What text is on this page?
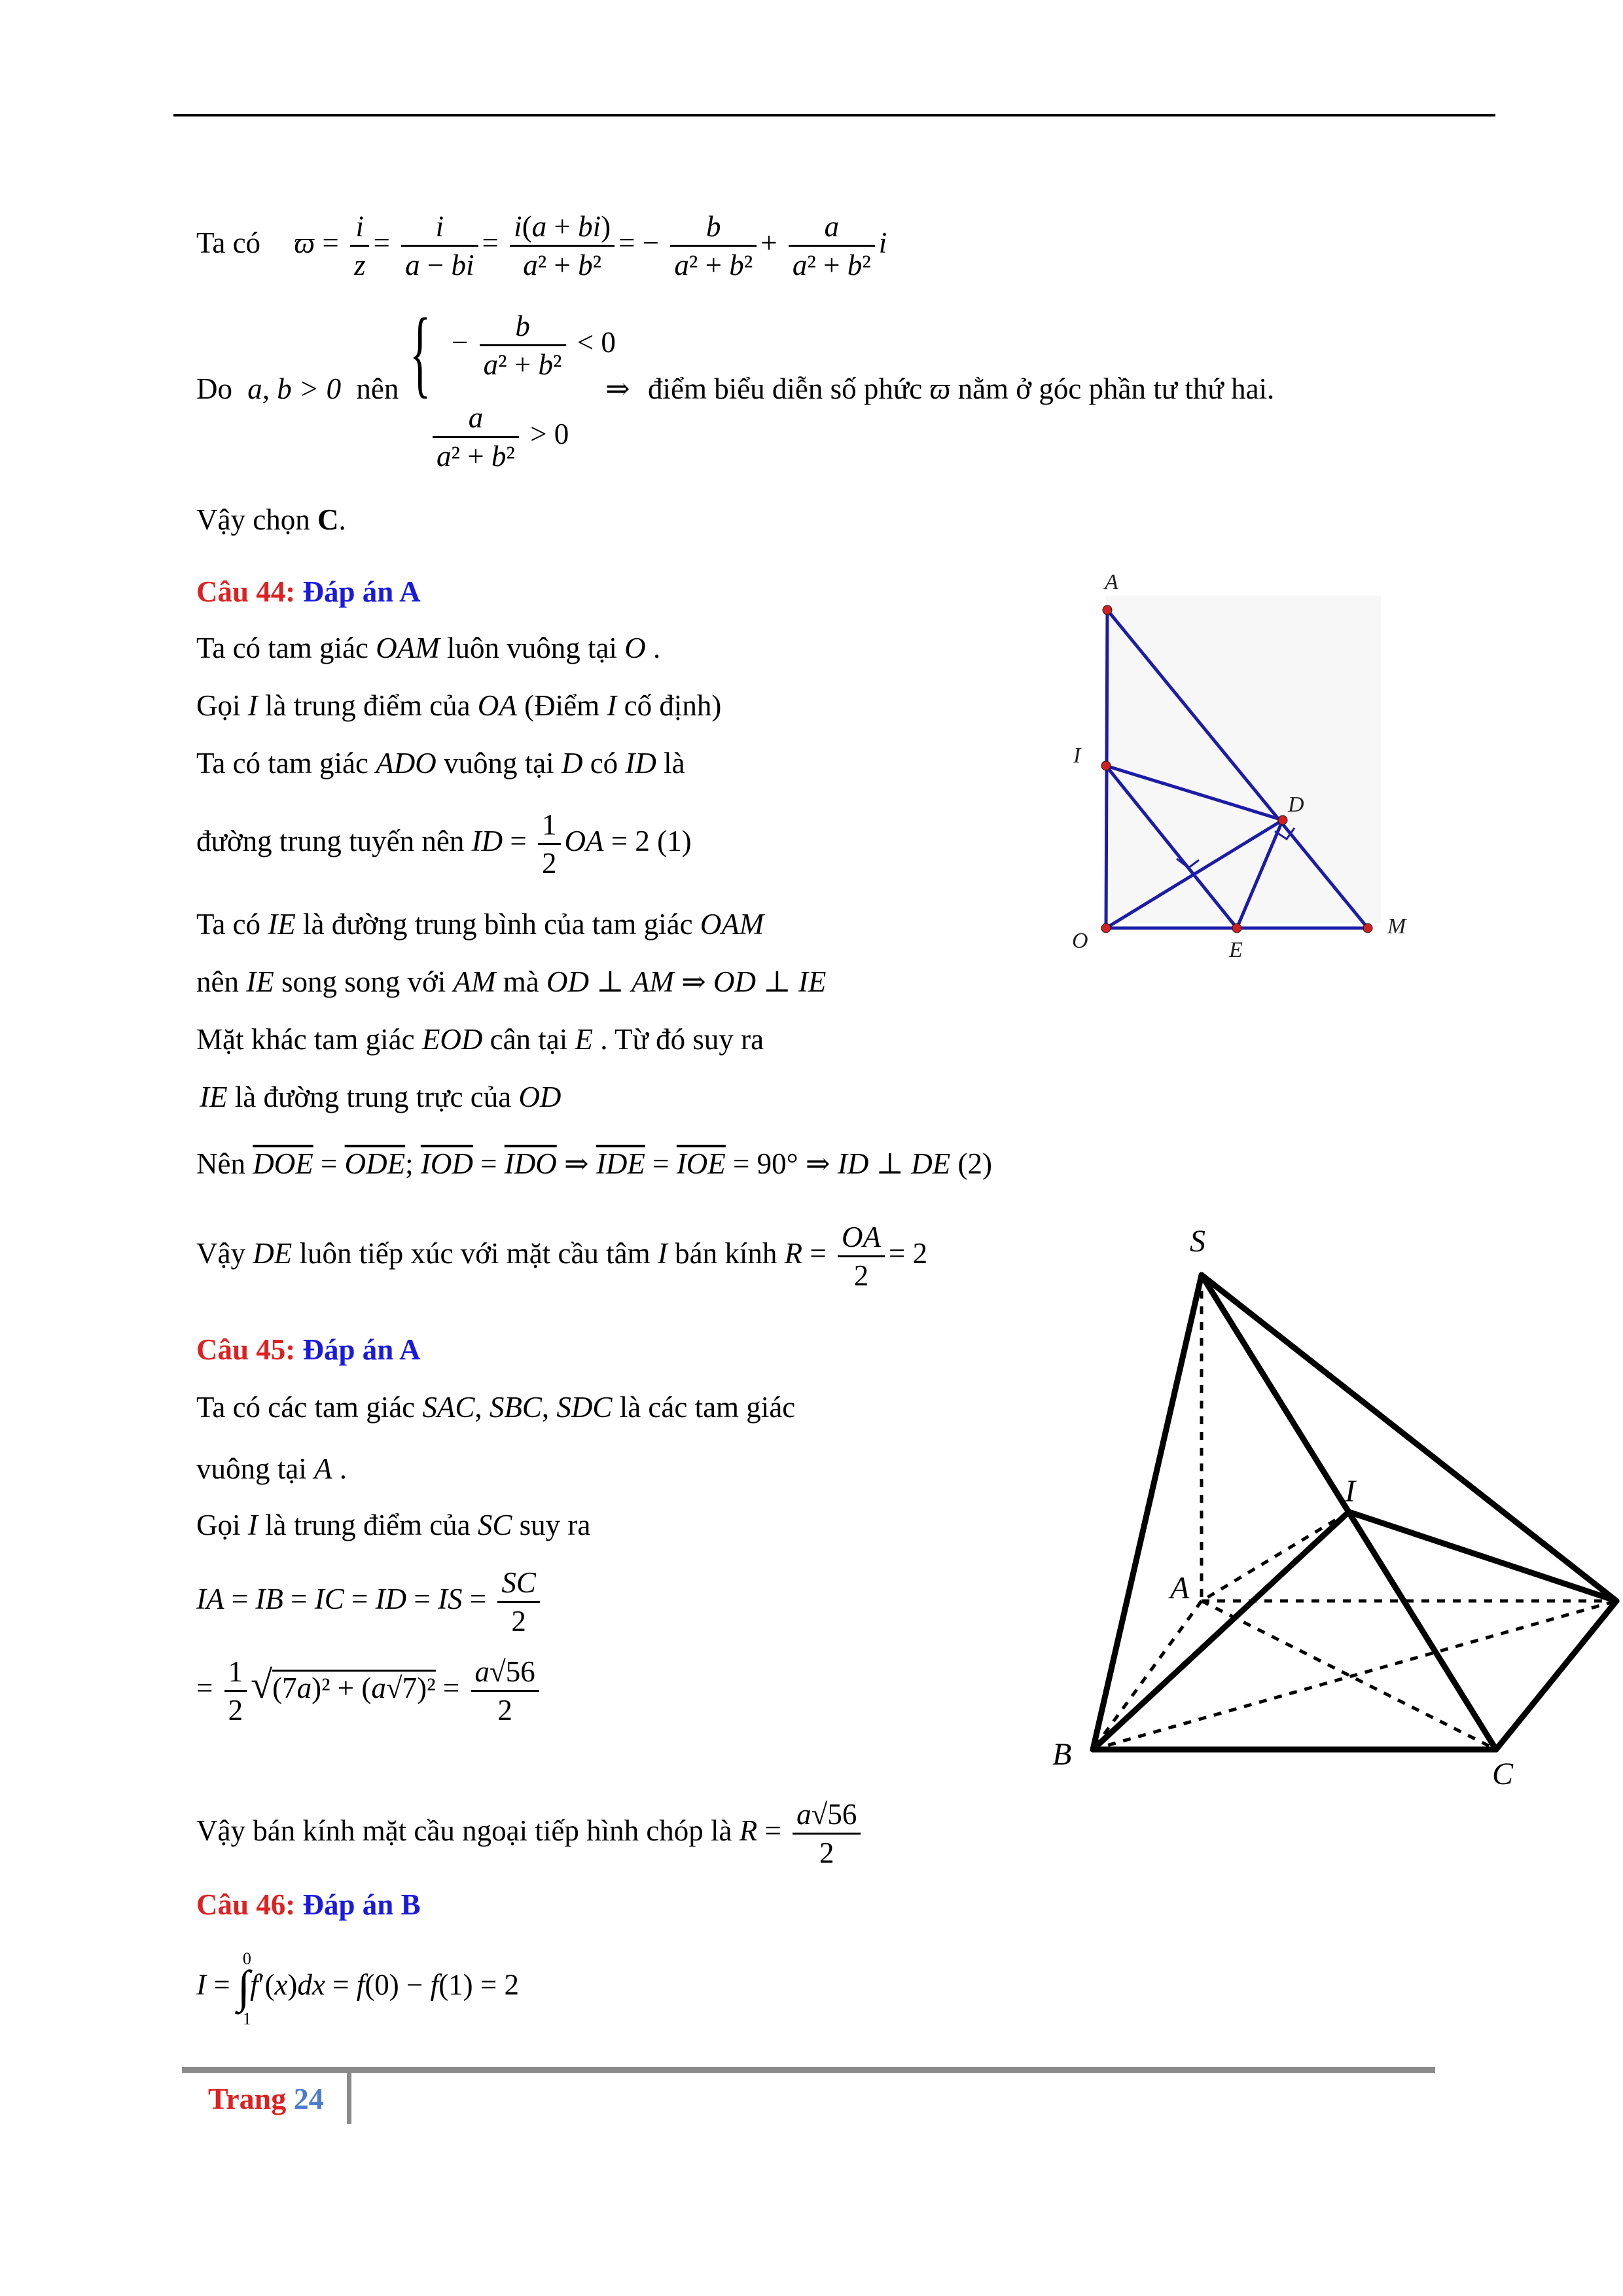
Ta có $ϖ = \frac{i}{z} = \frac{i}{a - bi} = \frac{i(a + bi)}{\text{a² + b²}}$ = − $\frac{b}{\text{a² + b²}} + \frac{a}{\text{a² + b²}}$ i
Do a, b > 0 nên { − $\frac{b}{\text{a² + b²}} < 0$
$\frac{a}{\text{a² + b²}} > 0$
⇒ điểm biểu diễn số phức ϖ nằm ở góc phần tư thứ hai.
Vậy chọn C.
Câu 44: Đáp án A
Ta có tam giác OAM luôn vuông tại O .
Gọi I là trung điểm của OA (Điểm I cố định)
Ta có tam giác ADO vuông tại D có ID là
đường trung tuyến nên ID = $\frac{1}{2}$ OA = 2 (1)
Ta có IE là đường trung bình của tam giác OAM
nên IE song song với AM mà OD ⊥ AM ⇒ OD ⊥ IE
Mặt khác tam giác EOD cân tại E . Từ đó suy ra
IE là đường trung trực của OD
Nên $\overline{DOE} = \overline{ODE}$; $\overline{IOD} = \overline{IDO}$ ⇒ $\overline{IDE} = \overline{IOE} = 90^\circ$ ⇒ ID ⊥ DE (2)
Vậy DE luôn tiếp xúc với mặt cầu tâm I bán kính $R = \frac{OA}{2} = 2$
A
I
D
O	E
M
Câu 45: Đáp án A
Ta có các tam giác SAC, SBC, SDC là các tam giác
vuông tại A .
Gọi I là trung điểm của SC suy ra
IA = IB = IC = ID = IS = $\frac{SC}{2}$
= $\frac{1}{2} √(7a)^2 + (a√7)^2 = \frac{a√56}{2}$
Vậy bán kính mặt cầu ngoại tiếp hình chóp là $R = \frac{a√56}{2}$
S
I
A
B
C
Câu 46: Đáp án B
I = ∫
0
1
f′(x)dx = f(0) − f(1) = 2
Trang 24
